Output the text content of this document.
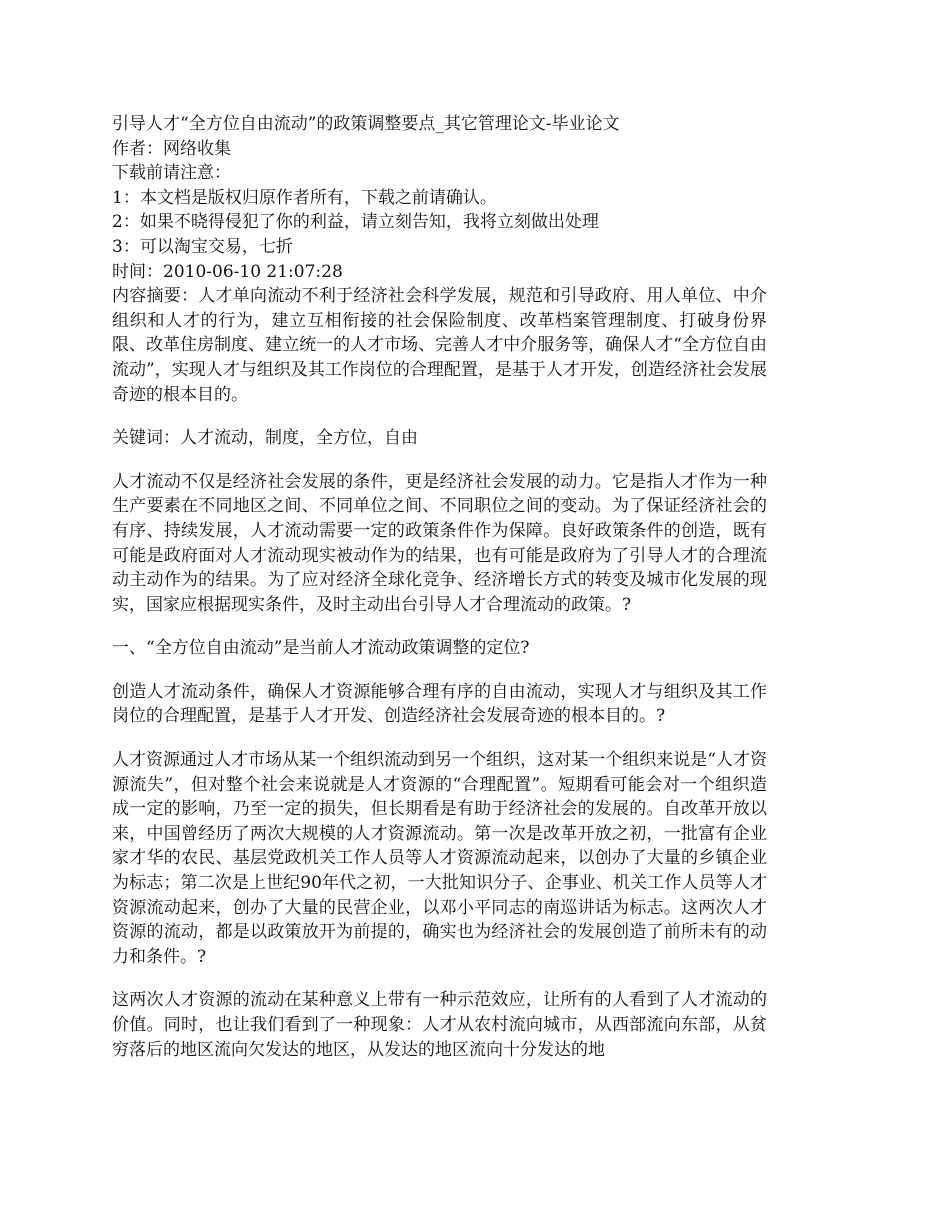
引导人才“全方位自由流动”的政策调整要点_其它管理论文-毕业论文
作者：网络收集
下载前请注意：
1：本文档是版权归原作者所有，下载之前请确认。
2：如果不晓得侵犯了你的利益，请立刻告知，我将立刻做出处理
3：可以淘宝交易，七折
时间：2010-06-10 21:07:28
内容摘要：人才单向流动不利于经济社会科学发展，规范和引导政府、用人单位、中介组织和人才的行为，建立互相衔接的社会保险制度、改革档案管理制度、打破身份界限、改革住房制度、建立统一的人才市场、完善人才中介服务等，确保人才“全方位自由流动”，实现人才与组织及其工作岗位的合理配置，是基于人才开发，创造经济社会发展奇迹的根本目的。
关键词：人才流动，制度，全方位，自由
人才流动不仅是经济社会发展的条件，更是经济社会发展的动力。它是指人才作为一种生产要素在不同地区之间、不同单位之间、不同职位之间的变动。为了保证经济社会的有序、持续发展，人才流动需要一定的政策条件作为保障。良好政策条件的创造，既有可能是政府面对人才流动现实被动作为的结果，也有可能是政府为了引导人才的合理流动主动作为的结果。为了应对经济全球化竞争、经济增长方式的转变及城市化发展的现实，国家应根据现实条件，及时主动出台引导人才合理流动的政策。?
一、“全方位自由流动”是当前人才流动政策调整的定位?
创造人才流动条件，确保人才资源能够合理有序的自由流动，实现人才与组织及其工作岗位的合理配置，是基于人才开发、创造经济社会发展奇迹的根本目的。?
人才资源通过人才市场从某一个组织流动到另一个组织，这对某一个组织来说是“人才资源流失”，但对整个社会来说就是人才资源的“合理配置”。短期看可能会对一个组织造成一定的影响，乃至一定的损失，但长期看是有助于经济社会的发展的。自改革开放以来，中国曾经历了两次大规模的人才资源流动。第一次是改革开放之初，一批富有企业家才华的农民、基层党政机关工作人员等人才资源流动起来，以创办了大量的乡镇企业为标志；第二次是上世纪90年代之初，一大批知识分子、企事业、机关工作人员等人才资源流动起来，创办了大量的民营企业，以邓小平同志的南巡讲话为标志。这两次人才资源的流动，都是以政策放开为前提的，确实也为经济社会的发展创造了前所未有的动力和条件。?
这两次人才资源的流动在某种意义上带有一种示范效应，让所有的人看到了人才流动的价值。同时，也让我们看到了一种现象：人才从农村流向城市，从西部流向东部，从贫穷落后的地区流向欠发达的地区，从发达的地区流向十分发达的地
